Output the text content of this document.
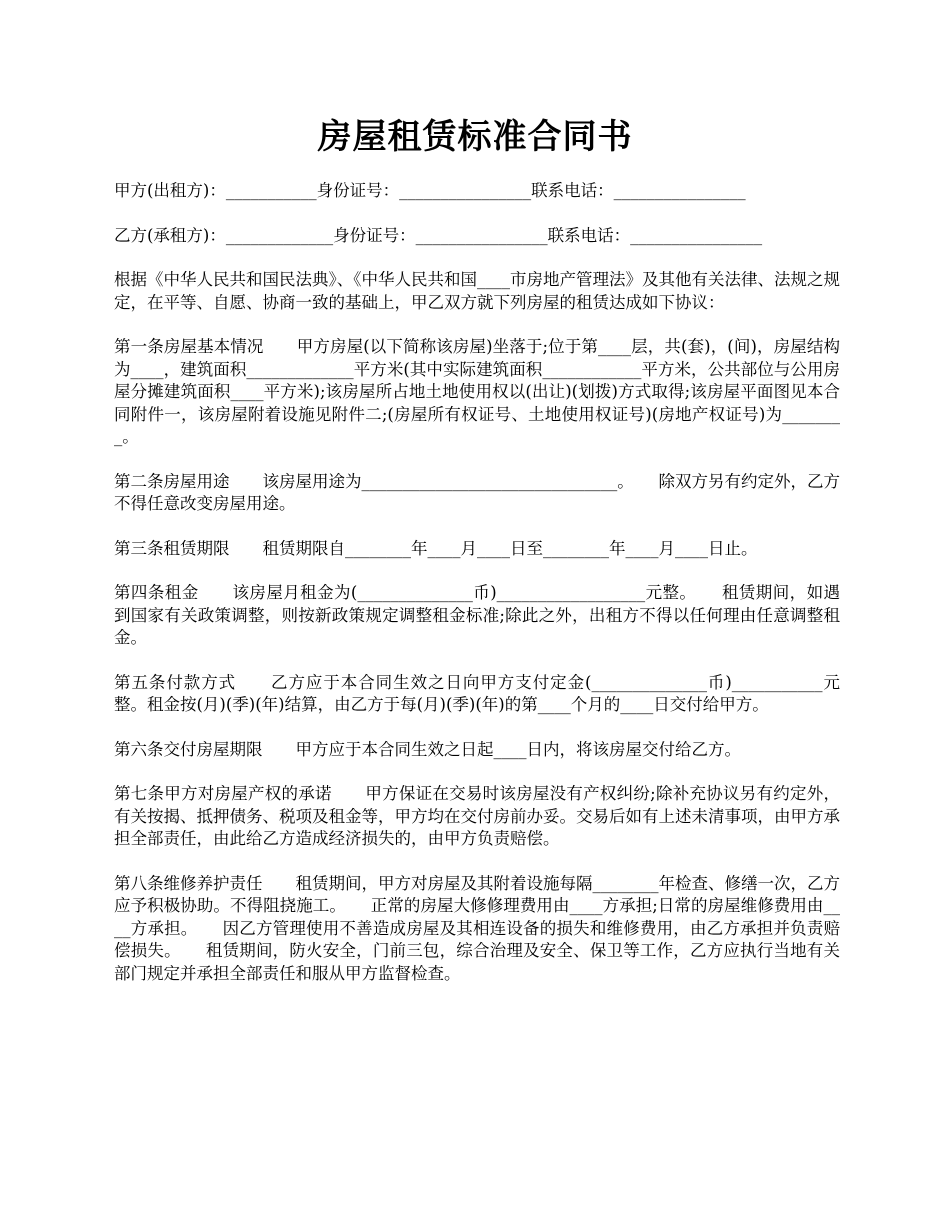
房屋租赁标准合同书

甲方(出租方)：___________身份证号：________________联系电话：________________

乙方(承租方)：_____________身份证号：________________联系电话：________________

根据《中华人民共和国民法典》、《中华人民共和国____市房地产管理法》及其他有关法律、法规之规定，在平等、自愿、协商一致的基础上，甲乙双方就下列房屋的租赁达成如下协议：

第一条房屋基本情况　　甲方房屋(以下简称该房屋)坐落于;位于第____层，共(套)，(间)，房屋结构为____，建筑面积_____________平方米(其中实际建筑面积____________平方米，公共部位与公用房屋分摊建筑面积____平方米);该房屋所占地土地使用权以(出让)(划拨)方式取得;该房屋平面图见本合同附件一，该房屋附着设施见附件二;(房屋所有权证号、土地使用权证号)(房地产权证号)为________。

第二条房屋用途　　该房屋用途为_______________________________。　　除双方另有约定外，乙方不得任意改变房屋用途。

第三条租赁期限　　租赁期限自________年____月____日至________年____月____日止。

第四条租金　　该房屋月租金为(______________币)__________________元整。　　租赁期间，如遇到国家有关政策调整，则按新政策规定调整租金标准;除此之外，出租方不得以任何理由任意调整租金。

第五条付款方式　　乙方应于本合同生效之日向甲方支付定金(______________币)___________元整。租金按(月)(季)(年)结算，由乙方于每(月)(季)(年)的第____个月的____日交付给甲方。

第六条交付房屋期限　　甲方应于本合同生效之日起____日内，将该房屋交付给乙方。

第七条甲方对房屋产权的承诺　　甲方保证在交易时该房屋没有产权纠纷;除补充协议另有约定外，有关按揭、抵押债务、税项及租金等，甲方均在交付房前办妥。交易后如有上述未清事项，由甲方承担全部责任，由此给乙方造成经济损失的，由甲方负责赔偿。

第八条维修养护责任　　租赁期间，甲方对房屋及其附着设施每隔________年检查、修缮一次，乙方应予积极协助。不得阻挠施工。　　正常的房屋大修修理费用由____方承担;日常的房屋维修费用由____方承担。　　因乙方管理使用不善造成房屋及其相连设备的损失和维修费用，由乙方承担并负责赔偿损失。　　租赁期间，防火安全，门前三包，综合治理及安全、保卫等工作，乙方应执行当地有关部门规定并承担全部责任和服从甲方监督检查。
